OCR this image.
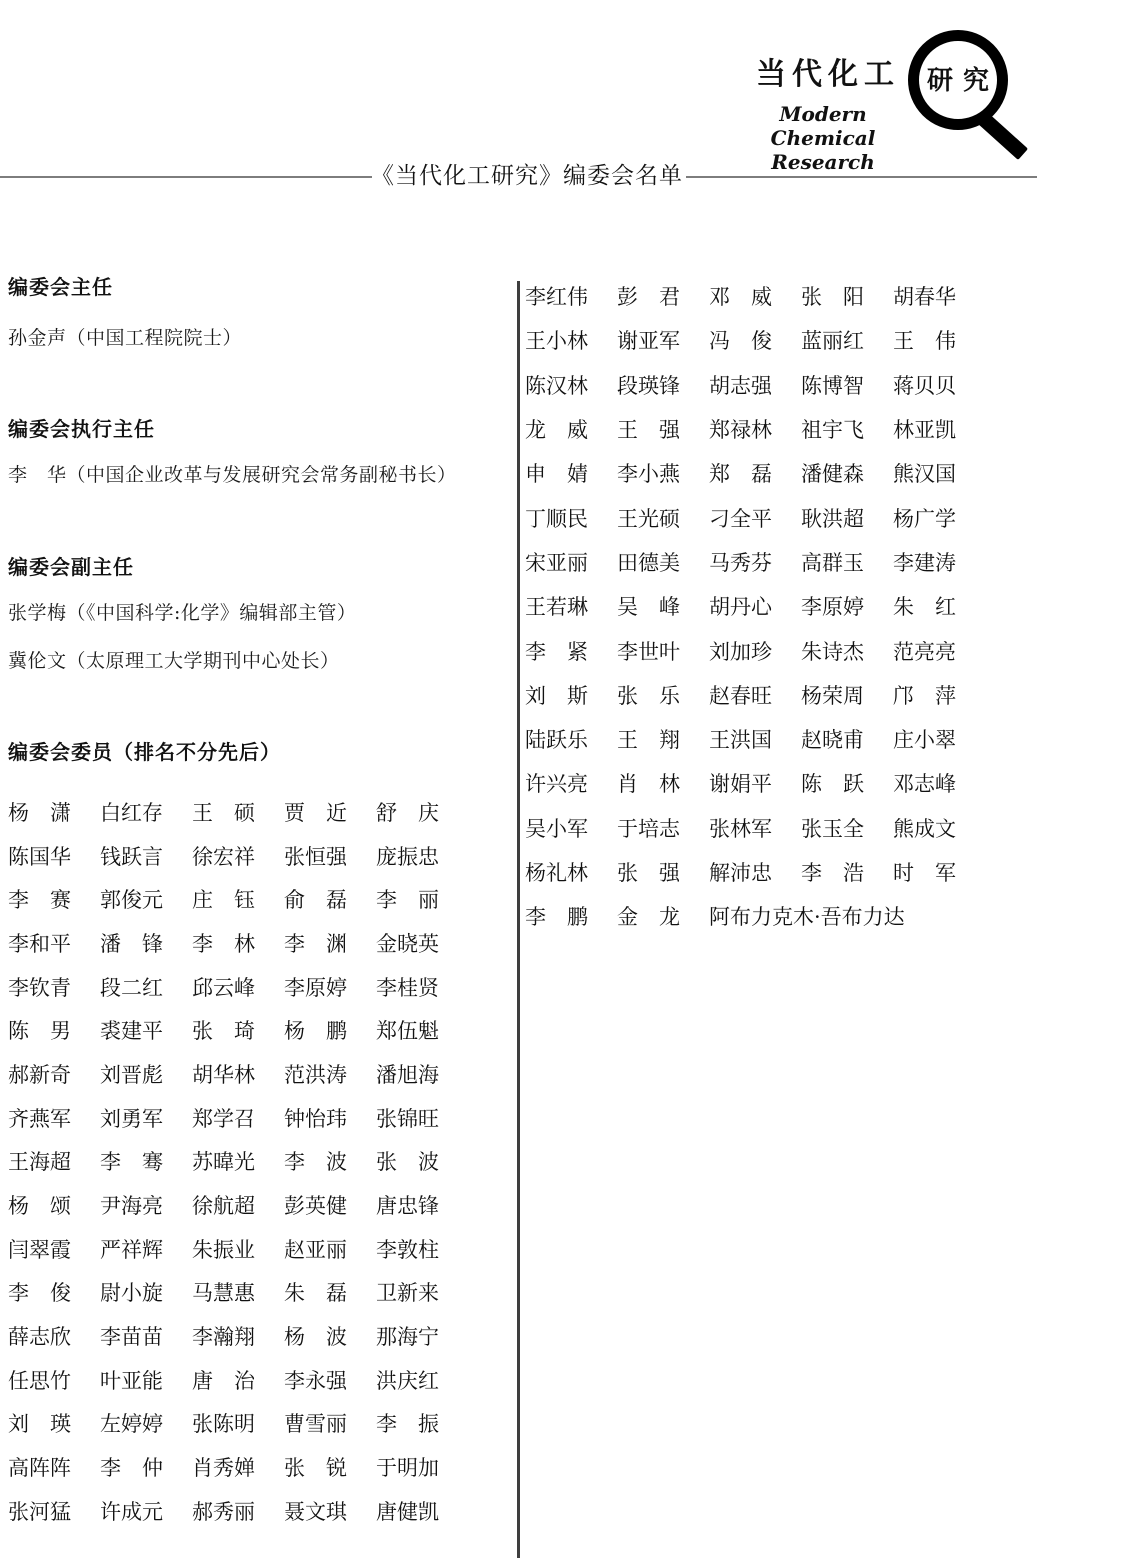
当代化工	研究
Modern Chemical
Research
《当代化工研究》编委会名单
编委会主任
孙金声（中国工程院院士）
编委会执行主任
李　华（中国企业改革与发展研究会常务副秘书长）
编委会副主任
张学梅（《中国科学:化学》编辑部主管）
冀伦文（太原理工大学期刊中心处长）
编委会委员（排名不分先后）
杨潇 白红存 王硕 贾近 舒庆
陈国华 钱跃言 徐宏祥 张恒强 庞振忠
李赛 郭俊元 庄钰 俞磊 李丽
李和平 潘锋 李林 李渊 金晓英
李钦青 段二红 邱云峰 李原婷 李桂贤
陈男 裘建平 张琦 杨鹏 郑伍魁
郝新奇 刘晋彪 胡华林 范洪涛 潘旭海
齐燕军 刘勇军 郑学召 钟怡玮 张锦旺
王海超 李骞 苏暐光 李波 张波
杨颂 尹海亮 徐航超 彭英健 唐忠锋
闫翠霞 严祥辉 朱振业 赵亚丽 李敦柱
李俊 尉小旋 马慧惠 朱磊 卫新来
薛志欣 李苗苗 李瀚翔 杨波 那海宁
任思竹 叶亚能 唐治 李永强 洪庆红
刘瑛 左婷婷 张陈明 曹雪丽 李振
高阵阵 李仲 肖秀婵 张锐 于明加
张河猛 许成元 郝秀丽 聂文琪 唐健凯
李红伟 彭君 邓威 张阳 胡春华
王小林 谢亚军 冯俊 蓝丽红 王伟
陈汉林 段瑛锋 胡志强 陈博智 蒋贝贝
龙威 王强 郑禄林 祖宇飞 林亚凯
申婧 李小燕 郑磊 潘健森 熊汉国
丁顺民 王光硕 刁全平 耿洪超 杨广学
宋亚丽 田德美 马秀芬 高群玉 李建涛
王若琳 吴峰 胡丹心 李原婷 朱红
李紧 李世叶 刘加珍 朱诗杰 范亮亮
刘斯 张乐 赵春旺 杨荣周 邝萍
陆跃乐 王翔 王洪国 赵晓甫 庄小翠
许兴亮 肖林 谢娟平 陈跃 邓志峰
吴小军 于培志 张林军 张玉全 熊成文
杨礼林 张强 解沛忠 李浩 时军
李鹏 金龙 阿布力克木·吾布力达
